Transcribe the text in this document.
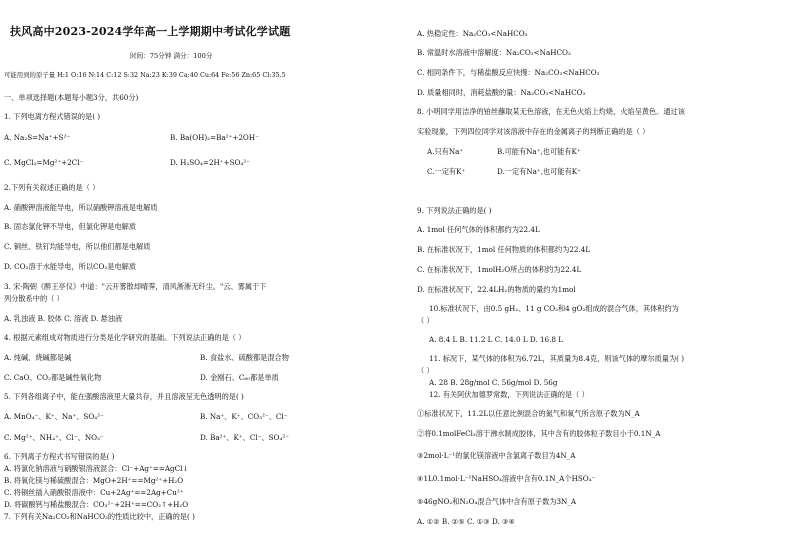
扶风高中2023-2024学年高一上学期期中考试化学试题
时间：75分钟 满分：100分
可能用到的原子量 H:1 O:16 N:14 C:12 S:32 Na:23 K:39 Ca:40 Cu:64 Fe:56 Zn:65 Cl:35.5
一、单项选择题(本题每小题3分，共60分)
1. 下列电离方程式错误的是( )
A. Na₂S=Na⁺+S²⁻	B. Ba(OH)₂=Ba²⁺+2OH⁻
C. MgCl₂=Mg²⁺+2Cl⁻	D. H₂SO₄=2H⁺+SO₄²⁻
2.下列有关叙述正确的是（ ）
A. 硝酸钾溶液能导电，所以硝酸钾溶液是电解质
B. 固态氯化钾不导电，但氯化钾是电解质
C. 铜丝、铁钉均能导电，所以他们都是电解质
D. CO₂溶于水能导电，所以CO₂是电解质
3. 宋·陶弼《醉王亭仪》中道："云开雾散却晴霁，清风淅淅无纤尘。"云、雾属于下
列分散系中的（ ）
A. 乳浊液 B. 胶体 C. 溶液 D. 悬浊液
4. 根据元素组成对物质进行分类是化学研究的基础。下列说法正确的是（ ）
A. 纯碱、烧碱都是碱	B. 食盐水、硫酸都是混合物
C. CaO、CO₂都是碱性氧化物	D. 金刚石、C₆₀都是单质
5. 下列各组离子中，能在强酸溶液里大量共存，并且溶液呈无色透明的是( )
A. MnO₄⁻、K⁺、Na⁺、SO₄²⁻	B. Na⁺、K⁺、CO₃²⁻、Cl⁻
C. Mg²⁺、NH₄⁺、Cl⁻、NO₃⁻	D. Ba²⁺、K⁺、Cl⁻、SO₄²⁻
6. 下列离子方程式书写错误的是( )
A. 将氯化钠溶液与硝酸银溶液混合：Cl⁻+Ag⁺==AgCl↓
B. 将氧化镁与稀硫酸混合：MgO+2H⁺==Mg²⁺+H₂O
C. 将铜丝插入硝酸银溶液中：Cu+2Ag⁺==2Ag+Cu²⁺
D. 将碳酸钙与稀盐酸混合：CO₃²⁻+2H⁺==CO₂↑+H₂O
7. 下列有关Na₂CO₃和NaHCO₃的性质比较中，正确的是( )
A. 热稳定性：Na₂CO₃<NaHCO₃
B. 常温时水溶液中溶解度：Na₂CO₃<NaHCO₃
C. 相同条件下，与稀盐酸反应快慢：Na₂CO₃<NaHCO₃
D. 质量相同时，消耗盐酸的量：Na₂CO₃<NaHCO₃
8. 小明同学用洁净的铂丝蘸取某无色溶液，在无色火焰上灼烧，火焰呈黄色。通过该
实验现象，下列四位同学对该溶液中存在的金属离子的判断正确的是（ ）
A.只有Na⁺	B.可能有Na⁺,也可能有K⁺
C.一定有K⁺	D.一定有Na⁺,也可能有K⁺
9. 下列说法正确的是( )
A. 1mol 任何气体的体积都约为22.4L
B. 在标准状况下，1mol 任何物质的体积都约为22.4L
C. 在标准状况下，1molH₂O所占的体积约为22.4L
D. 在标准状况下，22.4LH₂的物质的量约为1mol
10.标准状况下，由0.5 gH₂、11 g CO₂和4 gO₂组成的混合气体，其体积约为
（ ）
A. 8.4 L B. 11.2 L C. 14.0 L D. 16.8 L
11. 标况下，某气体的体积为6.72L，其质量为8.4克，则该气体的摩尔质量为( )
（ ）
A. 28 B. 28g/mol C. 56g/mol D. 56g
12. 有关阿伏加德罗常数，下列说法正确的是（ ）
①标准状况下，11.2L以任意比例混合的氮气和氧气所含原子数为N_A
②将0.1molFeCl₃溶于沸水制成胶体，其中含有的胶体粒子数目小于0.1N_A
③2mol·L⁻¹的氯化镁溶液中含氯离子数目为4N_A
④1L0.1mol·L⁻¹NaHSO₄溶液中含有0.1N_A个HSO₄⁻
⑤46gNO₂和N₂O₄混合气体中含有原子数为3N_A
A. ①② B. ②⑤ C. ①③ D. ③④
